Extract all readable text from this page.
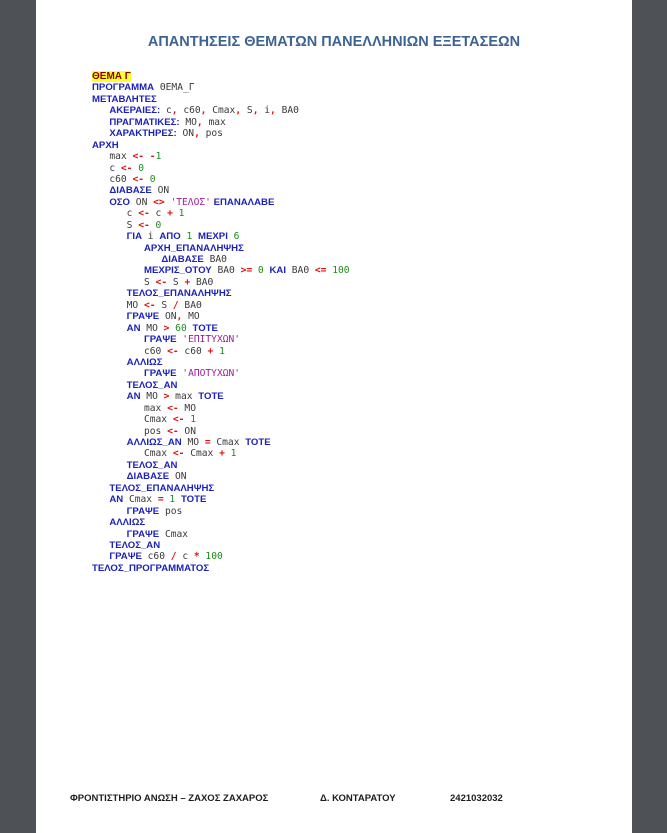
ΑΠΑΝΤΗΣΕΙΣ ΘΕΜΑΤΩΝ ΠΑΝΕΛΛΗΝΙΩΝ ΕΞΕΤΑΣΕΩΝ
ΘΕΜΑ Γ
ΠΡΟΓΡΑΜΜΑ ΘΕΜΑ_Γ
ΜΕΤΑΒΛΗΤΕΣ
ΑΚΕΡΑΙΕΣ: c, c60, Cmax, S, i, ΒΑΘ
ΠΡΑΓΜΑΤΙΚΕΣ: ΜΟ, max
ΧΑΡΑΚΤΗΡΕΣ: ΟΝ, pos
ΑΡΧΗ
max <- -1
c <- 0
c60 <- 0
ΔΙΑΒΑΣΕ ΟΝ
ΟΣΟ ΟΝ <> 'ΤΕΛΟΣ' ΕΠΑΝΑΛΑΒΕ
c <- c + 1
S <- 0
ΓΙΑ i ΑΠΟ 1 ΜΕΧΡΙ 6
ΑΡΧΗ_ΕΠΑΝΑΛΗΨΗΣ
ΔΙΑΒΑΣΕ ΒΑΘ
ΜΕΧΡΙΣ_ΟΤΟΥ ΒΑΘ >= 0 ΚΑΙ ΒΑΘ <= 100
S <- S + ΒΑΘ
ΤΕΛΟΣ_ΕΠΑΝΑΛΗΨΗΣ
ΜΟ <- S / ΒΑΘ
ΓΡΑΨΕ ΟΝ, ΜΟ
ΑΝ ΜΟ > 60 ΤΟΤΕ
ΓΡΑΨΕ 'ΕΠΙΤΥΧΩΝ'
c60 <- c60 + 1
ΑΛΛΙΩΣ
ΓΡΑΨΕ 'ΑΠΟΤΥΧΩΝ'
ΤΕΛΟΣ_ΑΝ
ΑΝ ΜΟ > max ΤΟΤΕ
max <- ΜΟ
Cmax <- 1
pos <- ΟΝ
ΑΛΛΙΩΣ_ΑΝ ΜΟ = Cmax ΤΟΤΕ
Cmax <- Cmax + 1
ΤΕΛΟΣ_ΑΝ
ΔΙΑΒΑΣΕ ΟΝ
ΤΕΛΟΣ_ΕΠΑΝΑΛΗΨΗΣ
ΑΝ Cmax = 1 ΤΟΤΕ
ΓΡΑΨΕ pos
ΑΛΛΙΩΣ
ΓΡΑΨΕ Cmax
ΤΕΛΟΣ_ΑΝ
ΓΡΑΨΕ c60 / c * 100
ΤΕΛΟΣ_ΠΡΟΓΡΑΜΜΑΤΟΣ
ΦΡΟΝΤΙΣΤΗΡΙΟ ΑΝΩΣΗ – ΖΑΧΟΣ ΖΑΧΑΡΟΣ	Δ. ΚΟΝΤΑΡΑΤΟΥ	2421032032
